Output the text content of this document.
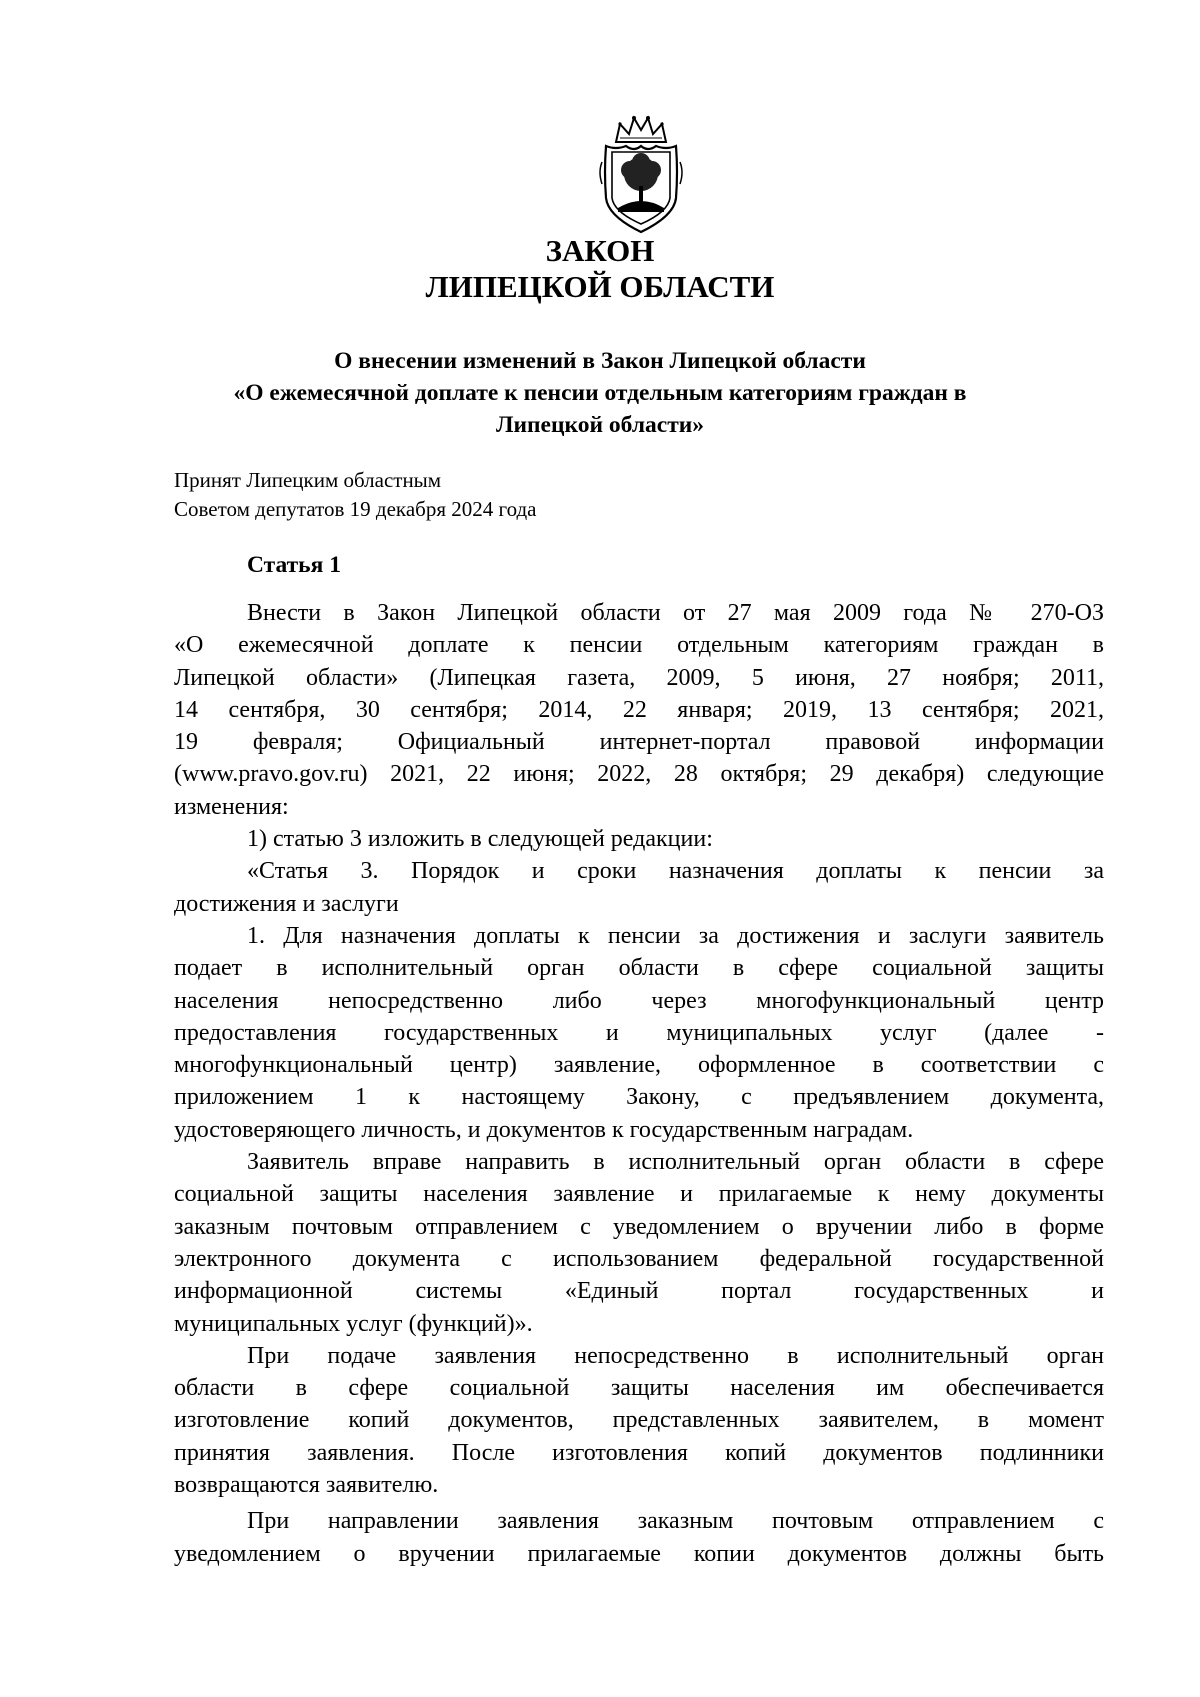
ЗАКОН
ЛИПЕЦКОЙ ОБЛАСТИ
О внесении изменений в Закон Липецкой области
«О ежемесячной доплате к пенсии отдельным категориям граждан в
Липецкой области»
Принят Липецким областным
Советом депутатов 19 декабря 2024 года
Статья 1
Внести в Закон Липецкой области от 27 мая 2009 года № 270-ОЗ
«О ежемесячной доплате к пенсии отдельным категориям граждан в
Липецкой области» (Липецкая газета, 2009, 5 июня, 27 ноября; 2011,
14 сентября, 30 сентября; 2014, 22 января; 2019, 13 сентября; 2021,
19 февраля; Официальный интернет-портал правовой информации
(www.pravo.gov.ru) 2021, 22 июня; 2022, 28 октября; 29 декабря) следующие
изменения:
1) статью 3 изложить в следующей редакции:
«Статья 3. Порядок и сроки назначения доплаты к пенсии за
достижения и заслуги
1. Для назначения доплаты к пенсии за достижения и заслуги заявитель
подает в исполнительный орган области в сфере социальной защиты
населения непосредственно либо через многофункциональный центр
предоставления государственных и муниципальных услуг (далее -
многофункциональный центр) заявление, оформленное в соответствии с
приложением 1 к настоящему Закону, с предъявлением документа,
удостоверяющего личность, и документов к государственным наградам.
Заявитель вправе направить в исполнительный орган области в сфере
социальной защиты населения заявление и прилагаемые к нему документы
заказным почтовым отправлением с уведомлением о вручении либо в форме
электронного документа с использованием федеральной государственной
информационной системы «Единый портал государственных и
муниципальных услуг (функций)».
При подаче заявления непосредственно в исполнительный орган
области в сфере социальной защиты населения им обеспечивается
изготовление копий документов, представленных заявителем, в момент
принятия заявления. После изготовления копий документов подлинники
возвращаются заявителю.
При направлении заявления заказным почтовым отправлением с
уведомлением о вручении прилагаемые копии документов должны быть
